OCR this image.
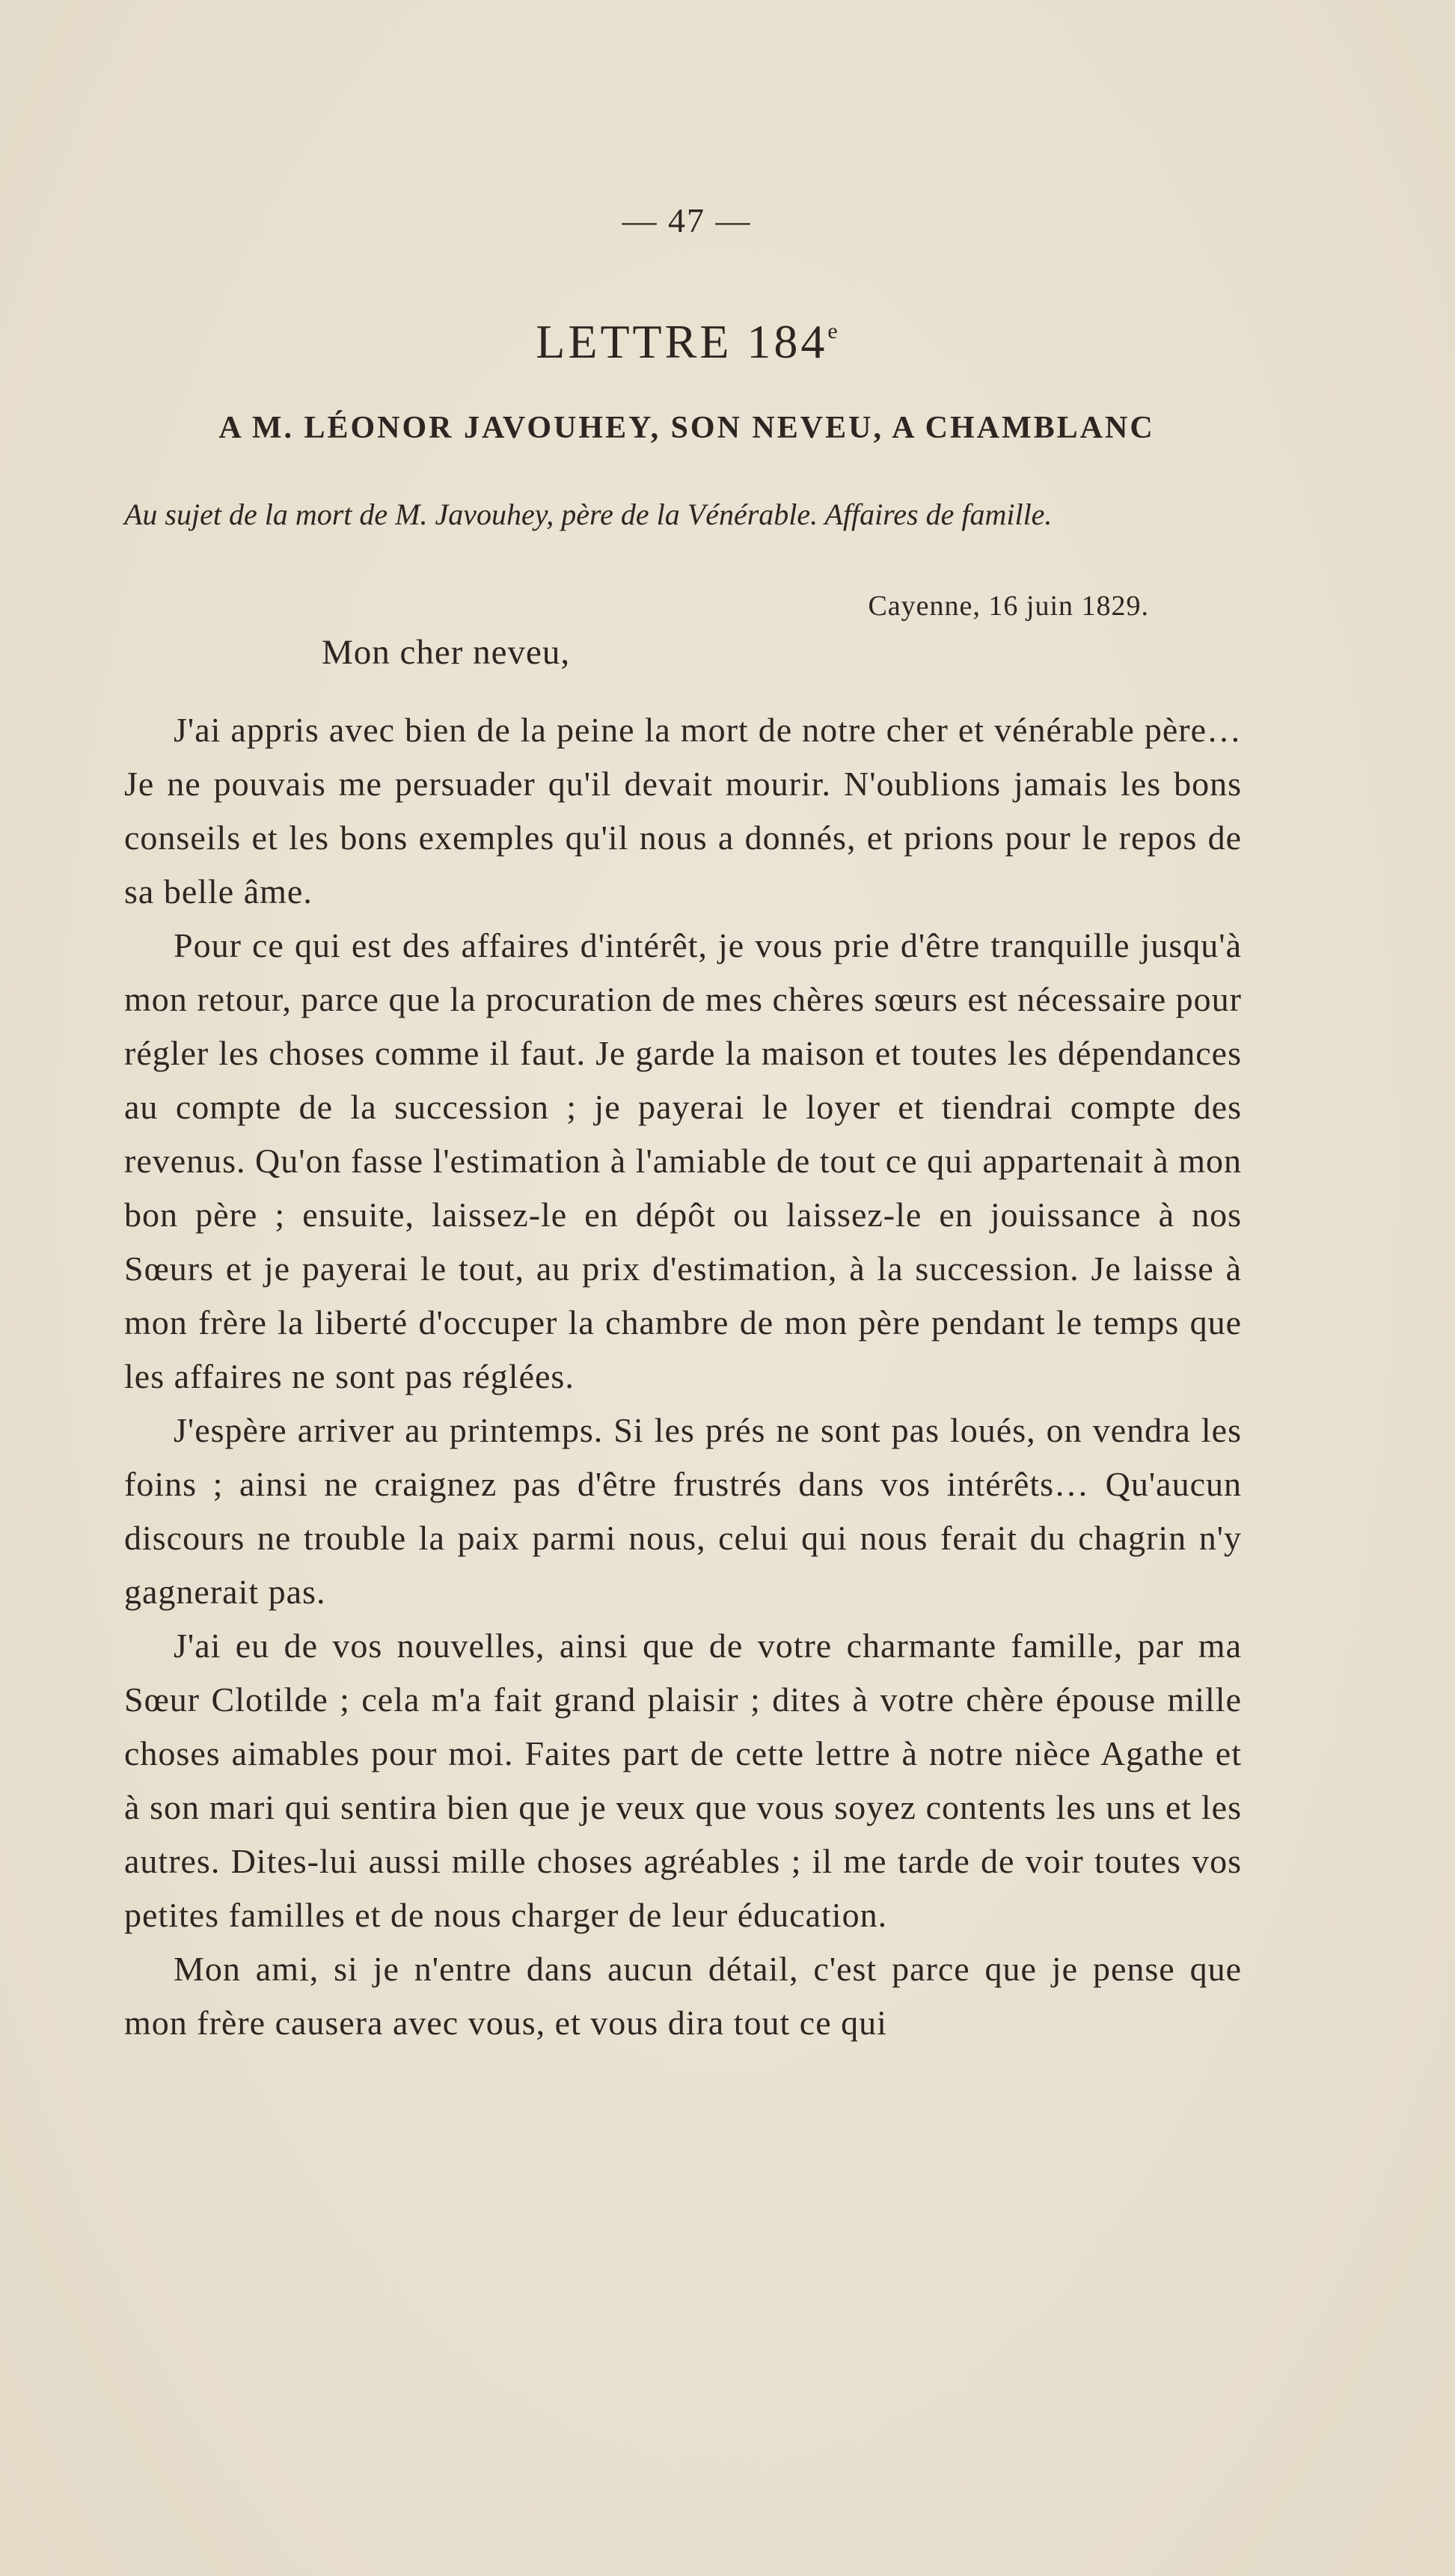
— 47 —
LETTRE 184e
A M. LÉONOR JAVOUHEY, SON NEVEU, A CHAMBLANC

Au sujet de la mort de M. Javouhey, père de la Vénérable. Affaires de famille.

Cayenne, 16 juin 1829.
Mon cher neveu,

J'ai appris avec bien de la peine la mort de notre cher et vénérable père… Je ne pouvais me persuader qu'il devait mourir. N'oublions jamais les bons conseils et les bons exemples qu'il nous a donnés, et prions pour le repos de sa belle âme.

Pour ce qui est des affaires d'intérêt, je vous prie d'être tranquille jusqu'à mon retour, parce que la procuration de mes chères sœurs est nécessaire pour régler les choses comme il faut. Je garde la maison et toutes les dépendances au compte de la succession ; je payerai le loyer et tiendrai compte des revenus. Qu'on fasse l'estimation à l'amiable de tout ce qui appartenait à mon bon père ; ensuite, laissez-le en dépôt ou laissez-le en jouissance à nos Sœurs et je payerai le tout, au prix d'estimation, à la succession. Je laisse à mon frère la liberté d'occuper la chambre de mon père pendant le temps que les affaires ne sont pas réglées.

J'espère arriver au printemps. Si les prés ne sont pas loués, on vendra les foins ; ainsi ne craignez pas d'être frustrés dans vos intérêts… Qu'aucun discours ne trouble la paix parmi nous, celui qui nous ferait du chagrin n'y gagnerait pas.

J'ai eu de vos nouvelles, ainsi que de votre charmante famille, par ma Sœur Clotilde ; cela m'a fait grand plaisir ; dites à votre chère épouse mille choses aimables pour moi. Faites part de cette lettre à notre nièce Agathe et à son mari qui sentira bien que je veux que vous soyez contents les uns et les autres. Dites-lui aussi mille choses agréables ; il me tarde de voir toutes vos petites familles et de nous charger de leur éducation.

Mon ami, si je n'entre dans aucun détail, c'est parce que je pense que mon frère causera avec vous, et vous dira tout ce qui
